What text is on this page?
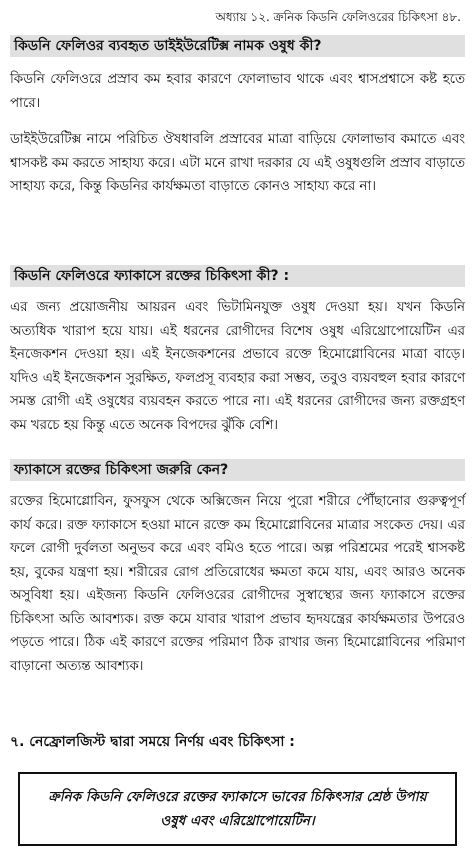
অধ্যায় ১২. ক্রনিক কিডনি ফেলিওরের চিকিৎসা ৪৮.
কিডনি ফেলিওর ব্যবহৃত ডাইইউরেটিক্স নামক ওষুধ কী?
কিডনি ফেলিওরে প্রস্রাব কম হবার কারণে ফোলাভাব থাকে এবং শ্বাসপ্রশ্বাসে কষ্ট হতে পারে।
ডাইইউরেটিক্স নামে পরিচিত ঔষধাবলি প্রস্রাবের মাত্রা বাড়িয়ে ফোলাভাব কমাতে এবং শ্বাসকষ্ট কম করতে সাহায্য করে। এটা মনে রাখা দরকার যে এই ওষুধগুলি প্রস্রাব বাড়াতে সাহায্য করে, কিন্তু কিডনির কার্যক্ষমতা বাড়াতে কোনও সাহায্য করে না।
কিডনি ফেলিওরে ফ্যাকাসে রক্তের চিকিৎসা কী? :
এর জন্য প্রয়োজনীয় আয়রন এবং ভিটামিনযুক্ত ওষুধ দেওয়া হয়। যখন কিডনি অত্যধিক খারাপ হয়ে যায়। এই ধরনের রোগীদের বিশেষ ওষুধ এরিথ্রোপোয়েটিন এর ইনজেকশন দেওয়া হয়। এই ইনজেকশনের প্রভাবে রক্তে হিমোগ্লোবিনের মাত্রা বাড়ে। যদিও এই ইনজেকশন সুরক্ষিত, ফলপ্রসূ ব্যবহার করা সম্ভব, তবুও ব্যয়বহুল হবার কারণে সমস্ত রোগী এই ওষুধের ব্যয়বহন করতে পারে না। এই ধরনের রোগীদের জন্য রক্তগ্রহণ কম খরচে হয় কিন্তু এতে অনেক বিপদের ঝুঁকি বেশি।
ফ্যাকাসে রক্তের চিকিৎসা জরুরি কেন?
রক্তের হিমোগ্লোবিন, ফুসফুস থেকে অক্সিজেন নিয়ে পুরো শরীরে পৌঁছানোর গুরুত্বপূর্ণ কার্য করে। রক্ত ফ্যাকাসে হওয়া মানে রক্তে কম হিমোগ্লোবিনের মাত্রার সংকেত দেয়। এর ফলে রোগী দুর্বলতা অনুভব করে এবং বমিও হতে পারে। অল্প পরিশ্রমের পরেই শ্বাসকষ্ট হয়, বুকের যন্ত্রণা হয়। শরীরের রোগ প্রতিরোধের ক্ষমতা কমে যায়, এবং আরও অনেক অসুবিধা হয়। এইজন্য কিডনি ফেলিওরের রোগীদের সুস্বাস্থ্যের জন্য ফ্যাকাসে রক্তের চিকিৎসা অতি আবশ্যক। রক্ত কমে যাবার খারাপ প্রভাব হৃদযন্ত্রের কার্যক্ষমতার উপরেও পড়তে পারে। ঠিক এই কারণে রক্তের পরিমাণ ঠিক রাখার জন্য হিমোগ্লোবিনের পরিমাণ বাড়ানো অত্যন্ত আবশ্যক।
৭. নেফ্রোলজিস্ট দ্বারা সময়ে নির্ণয় এবং চিকিৎসা :
ক্রনিক কিডনি ফেলিওরে রক্তের ফ্যাকাসে ভাবের চিকিৎসার শ্রেষ্ঠ উপায় ওষুধ এবং এরিথ্রোপোয়েটিন।
